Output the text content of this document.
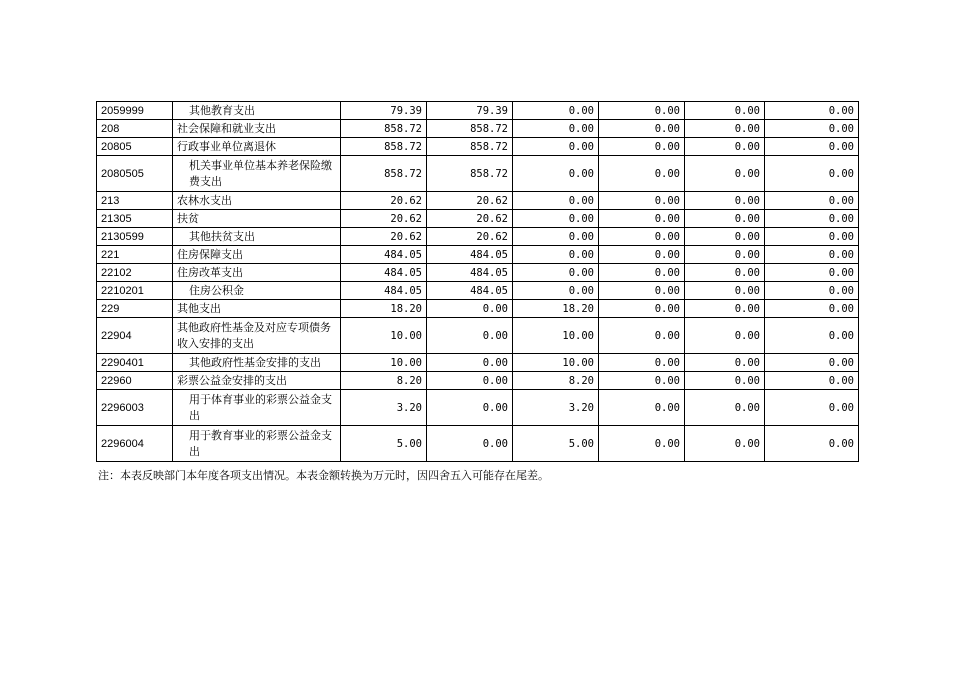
2059999	其他教育支出	79.39	79.39	0.00	0.00	0.00	0.00
208	社会保障和就业支出	858.72	858.72	0.00	0.00	0.00	0.00
20805	行政事业单位离退休	858.72	858.72	0.00	0.00	0.00	0.00
2080505	机关事业单位基本养老保险缴费支出	858.72	858.72	0.00	0.00	0.00	0.00
213	农林水支出	20.62	20.62	0.00	0.00	0.00	0.00
21305	扶贫	20.62	20.62	0.00	0.00	0.00	0.00
2130599	其他扶贫支出	20.62	20.62	0.00	0.00	0.00	0.00
221	住房保障支出	484.05	484.05	0.00	0.00	0.00	0.00
22102	住房改革支出	484.05	484.05	0.00	0.00	0.00	0.00
2210201	住房公积金	484.05	484.05	0.00	0.00	0.00	0.00
229	其他支出	18.20	0.00	18.20	0.00	0.00	0.00
22904	其他政府性基金及对应专项债务收入安排的支出	10.00	0.00	10.00	0.00	0.00	0.00
2290401	其他政府性基金安排的支出	10.00	0.00	10.00	0.00	0.00	0.00
22960	彩票公益金安排的支出	8.20	0.00	8.20	0.00	0.00	0.00
2296003	用于体育事业的彩票公益金支出	3.20	0.00	3.20	0.00	0.00	0.00
2296004	用于教育事业的彩票公益金支出	5.00	0.00	5.00	0.00	0.00	0.00
注：本表反映部门本年度各项支出情况。本表金额转换为万元时，因四舍五入可能存在尾差。
